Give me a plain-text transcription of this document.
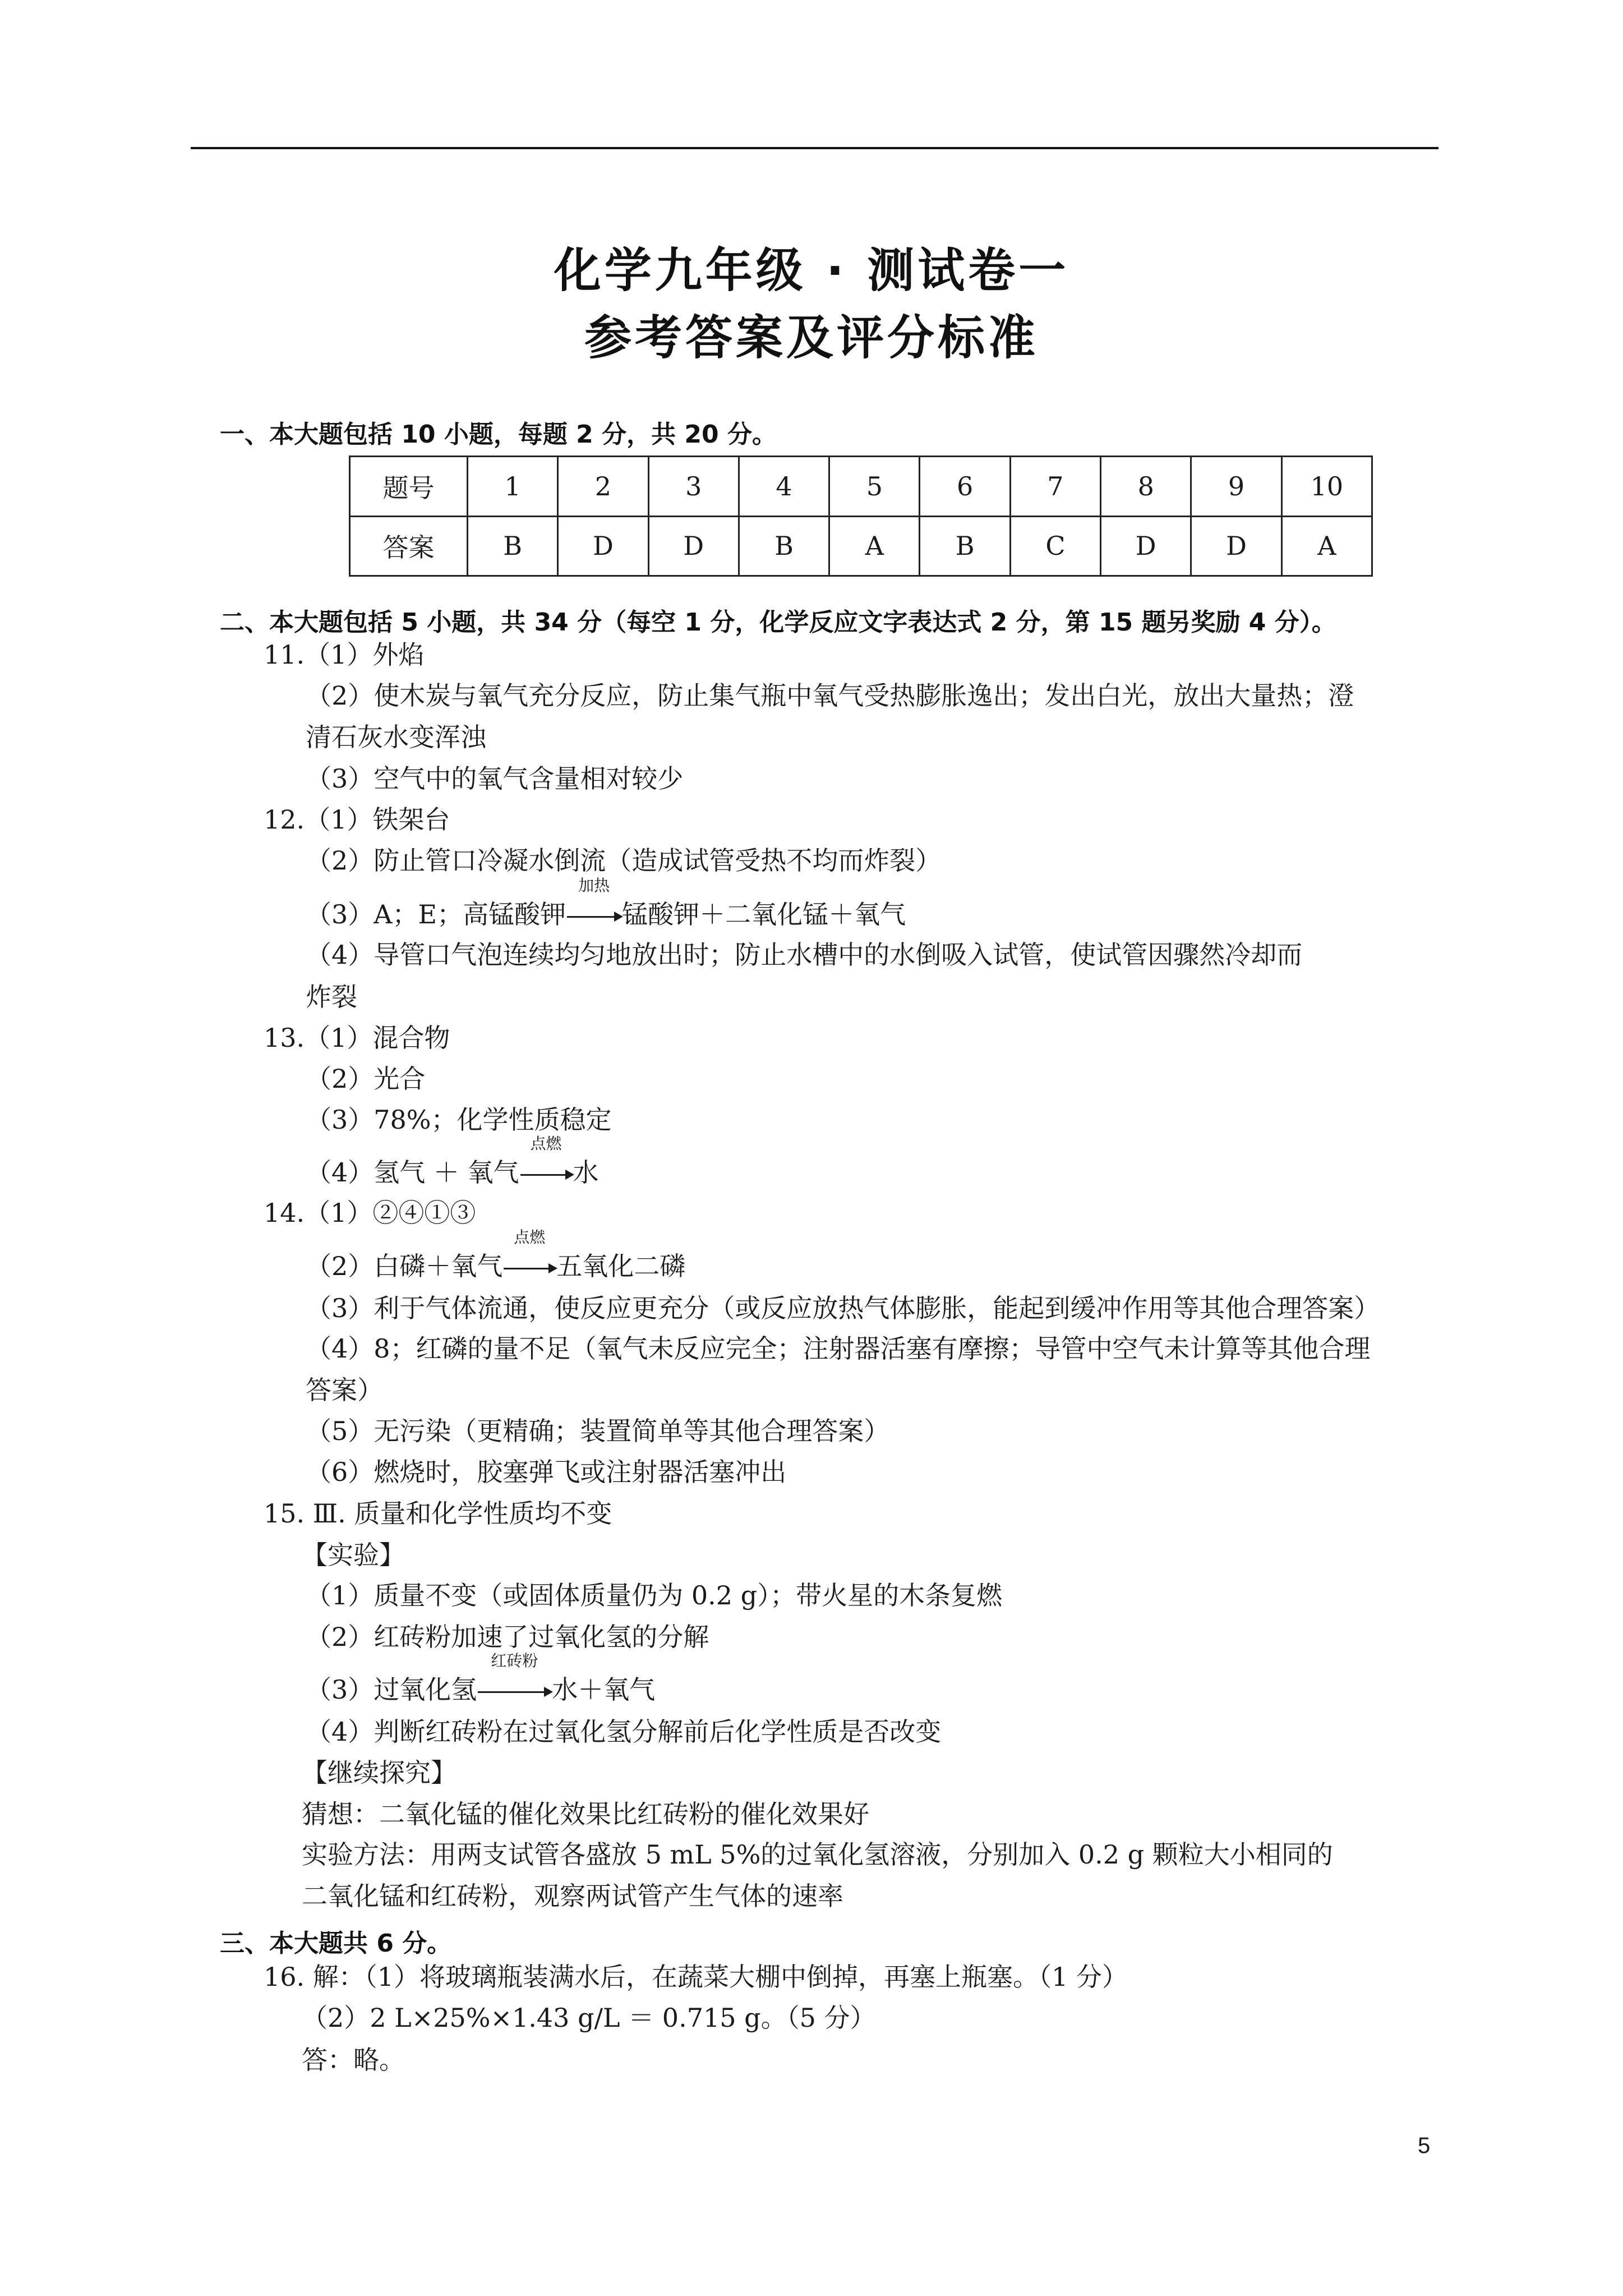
化学九年级 · 测试卷一
参考答案及评分标准
一、本大题包括 10 小题，每题 2 分，共 20 分。
题号	1	2	3	4	5	6	7	8	9	10
答案	B	D	D	B	A	B	C	D	D	A
二、本大题包括 5 小题，共 34 分（每空 1 分，化学反应文字表达式 2 分，第 15 题另奖励 4 分）。
11.（1）外焰
（2）使木炭与氧气充分反应，防止集气瓶中氧气受热膨胀逸出；发出白光，放出大量热；澄
清石灰水变浑浊
（3）空气中的氧气含量相对较少
12.（1）铁架台
（2）防止管口冷凝水倒流（造成试管受热不均而炸裂）
（3）A；E；高锰酸钾
加热
锰酸钾＋二氧化锰＋氧气
（4）导管口气泡连续均匀地放出时；防止水槽中的水倒吸入试管，使试管因骤然冷却而
炸裂
13.（1）混合物
（2）光合
（3）78%；化学性质稳定
（4）氢气 ＋ 氧气
点燃
水
14.（1）②④①③
（2）白磷＋氧气
点燃
五氧化二磷
（3）利于气体流通，使反应更充分（或反应放热气体膨胀，能起到缓冲作用等其他合理答案）
（4）8；红磷的量不足（氧气未反应完全；注射器活塞有摩擦；导管中空气未计算等其他合理
答案）
（5）无污染（更精确；装置简单等其他合理答案）
（6）燃烧时，胶塞弹飞或注射器活塞冲出
15. Ⅲ. 质量和化学性质均不变
【实验】
（1）质量不变（或固体质量仍为 0.2 g）；带火星的木条复燃
（2）红砖粉加速了过氧化氢的分解
（3）过氧化氢
红砖粉
水＋氧气
（4）判断红砖粉在过氧化氢分解前后化学性质是否改变
【继续探究】
猜想：二氧化锰的催化效果比红砖粉的催化效果好
实验方法：用两支试管各盛放 5 mL 5%的过氧化氢溶液，分别加入 0.2 g 颗粒大小相同的
二氧化锰和红砖粉，观察两试管产生气体的速率
三、本大题共 6 分。
16. 解：（1）将玻璃瓶装满水后，在蔬菜大棚中倒掉，再塞上瓶塞。（1 分）
（2）2 L×25%×1.43 g/L ＝ 0.715 g。（5 分）
答：略。
5
